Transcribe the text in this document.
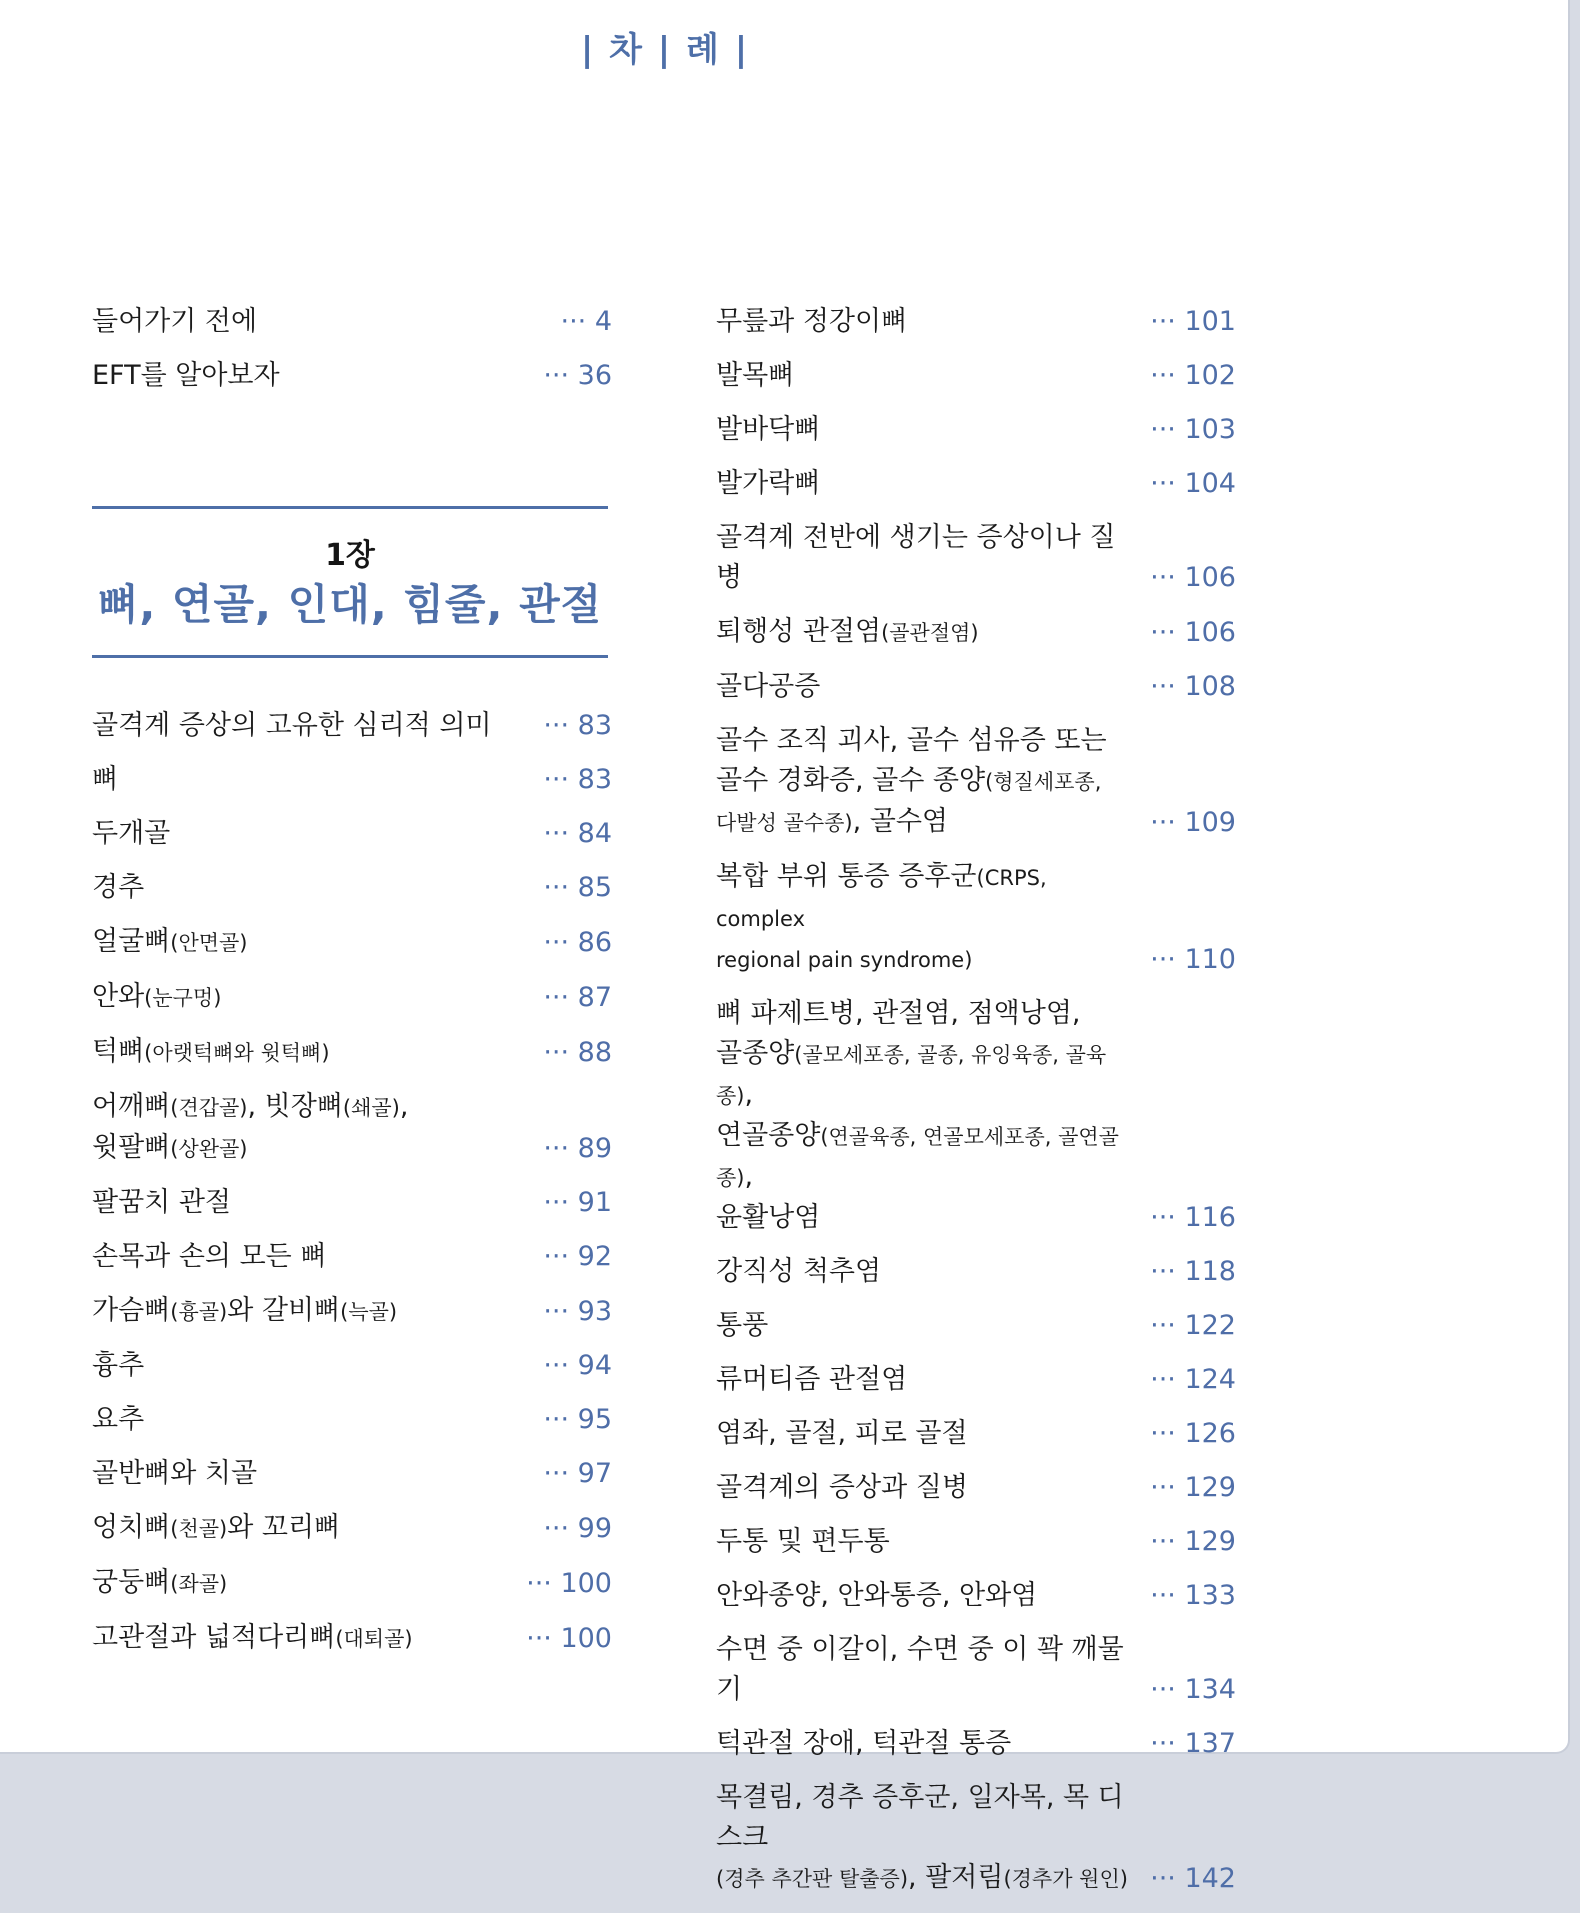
| 차 | 례 |
들어가기 전에	··· 4
EFT를 알아보자	··· 36
1장
뼈, 연골, 인대, 힘줄, 관절
골격계 증상의 고유한 심리적 의미	··· 83
뼈	··· 83
두개골	··· 84
경추	··· 85
얼굴뼈(안면골)	··· 86
안와(눈구멍)	··· 87
턱뼈(아랫턱뼈와 윗턱뼈)	··· 88
어깨뼈(견갑골), 빗장뼈(쇄골),
윗팔뼈(상완골)	··· 89
팔꿈치 관절	··· 91
손목과 손의 모든 뼈	··· 92
가슴뼈(흉골)와 갈비뼈(늑골)	··· 93
흉추	··· 94
요추	··· 95
골반뼈와 치골	··· 97
엉치뼈(천골)와 꼬리뼈	··· 99
궁둥뼈(좌골)	··· 100
고관절과 넓적다리뼈(대퇴골)	··· 100
무릎과 정강이뼈	··· 101
발목뼈	··· 102
발바닥뼈	··· 103
발가락뼈	··· 104
골격계 전반에 생기는 증상이나 질병	··· 106
퇴행성 관절염(골관절염)	··· 106
골다공증	··· 108
골수 조직 괴사, 골수 섬유증 또는
골수 경화증, 골수 종양(형질세포종,
다발성 골수종), 골수염	··· 109
복합 부위 통증 증후군(CRPS, complex
regional pain syndrome)	··· 110
뼈 파제트병, 관절염, 점액낭염,
골종양(골모세포종, 골종, 유잉육종, 골육종),
연골종양(연골육종, 연골모세포종, 골연골종),
윤활낭염	··· 116
강직성 척추염	··· 118
통풍	··· 122
류머티즘 관절염	··· 124
염좌, 골절, 피로 골절	··· 126
골격계의 증상과 질병	··· 129
두통 및 편두통	··· 129
안와종양, 안와통증, 안와염	··· 133
수면 중 이갈이, 수면 중 이 꽉 깨물기	··· 134
턱관절 장애, 턱관절 통증	··· 137
목결림, 경추 증후군, 일자목, 목 디스크
(경추 추간판 탈출증), 팔저림(경추가 원인) ··· 142
